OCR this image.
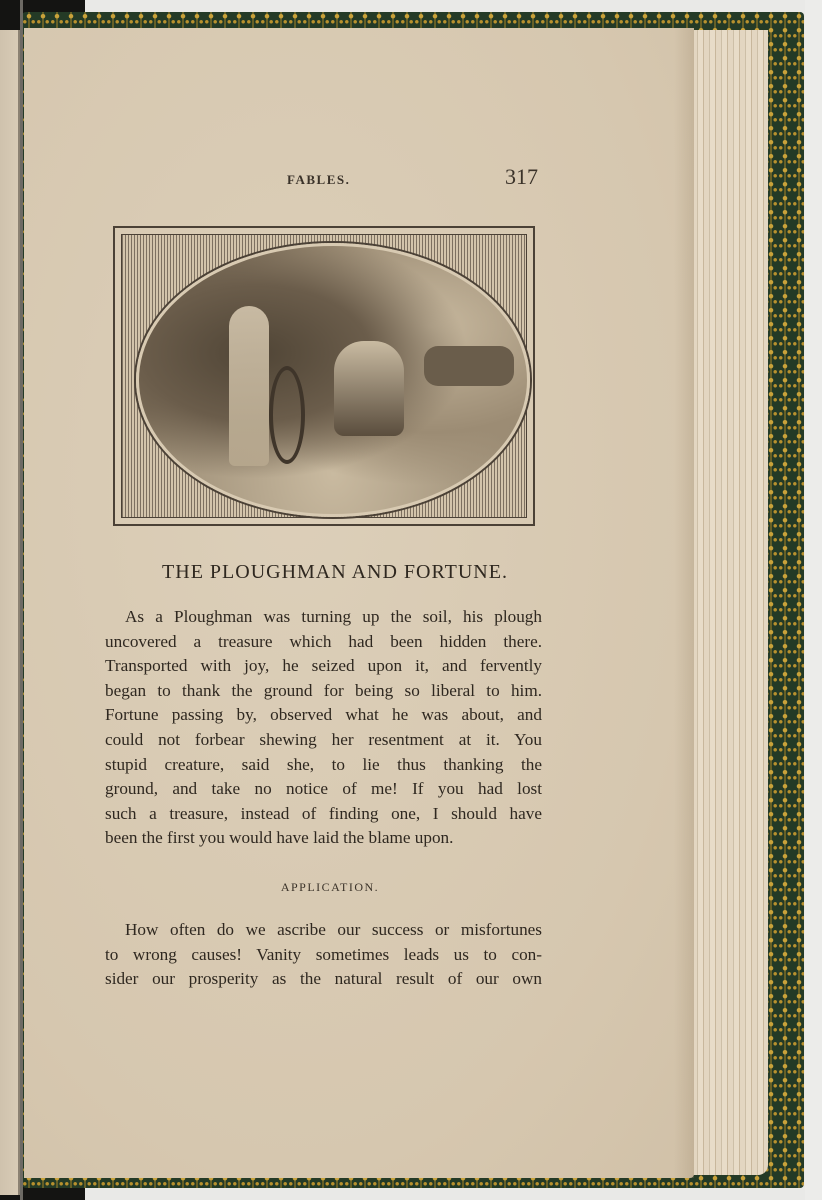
FABLES.	317
THE PLOUGHMAN AND FORTUNE.
As a Ploughman was turning up the soil, his plough
uncovered a treasure which had been hidden there.
Transported with joy, he seized upon it, and fervently
began to thank the ground for being so liberal to him.
Fortune passing by, observed what he was about, and
could not forbear shewing her resentment at it. You
stupid creature, said she, to lie thus thanking the
ground, and take no notice of me! If you had lost
such a treasure, instead of finding one, I should have
been the first you would have laid the blame upon.
APPLICATION.
How often do we ascribe our success or misfortunes
to wrong causes! Vanity sometimes leads us to con-
sider our prosperity as the natural result of our own
